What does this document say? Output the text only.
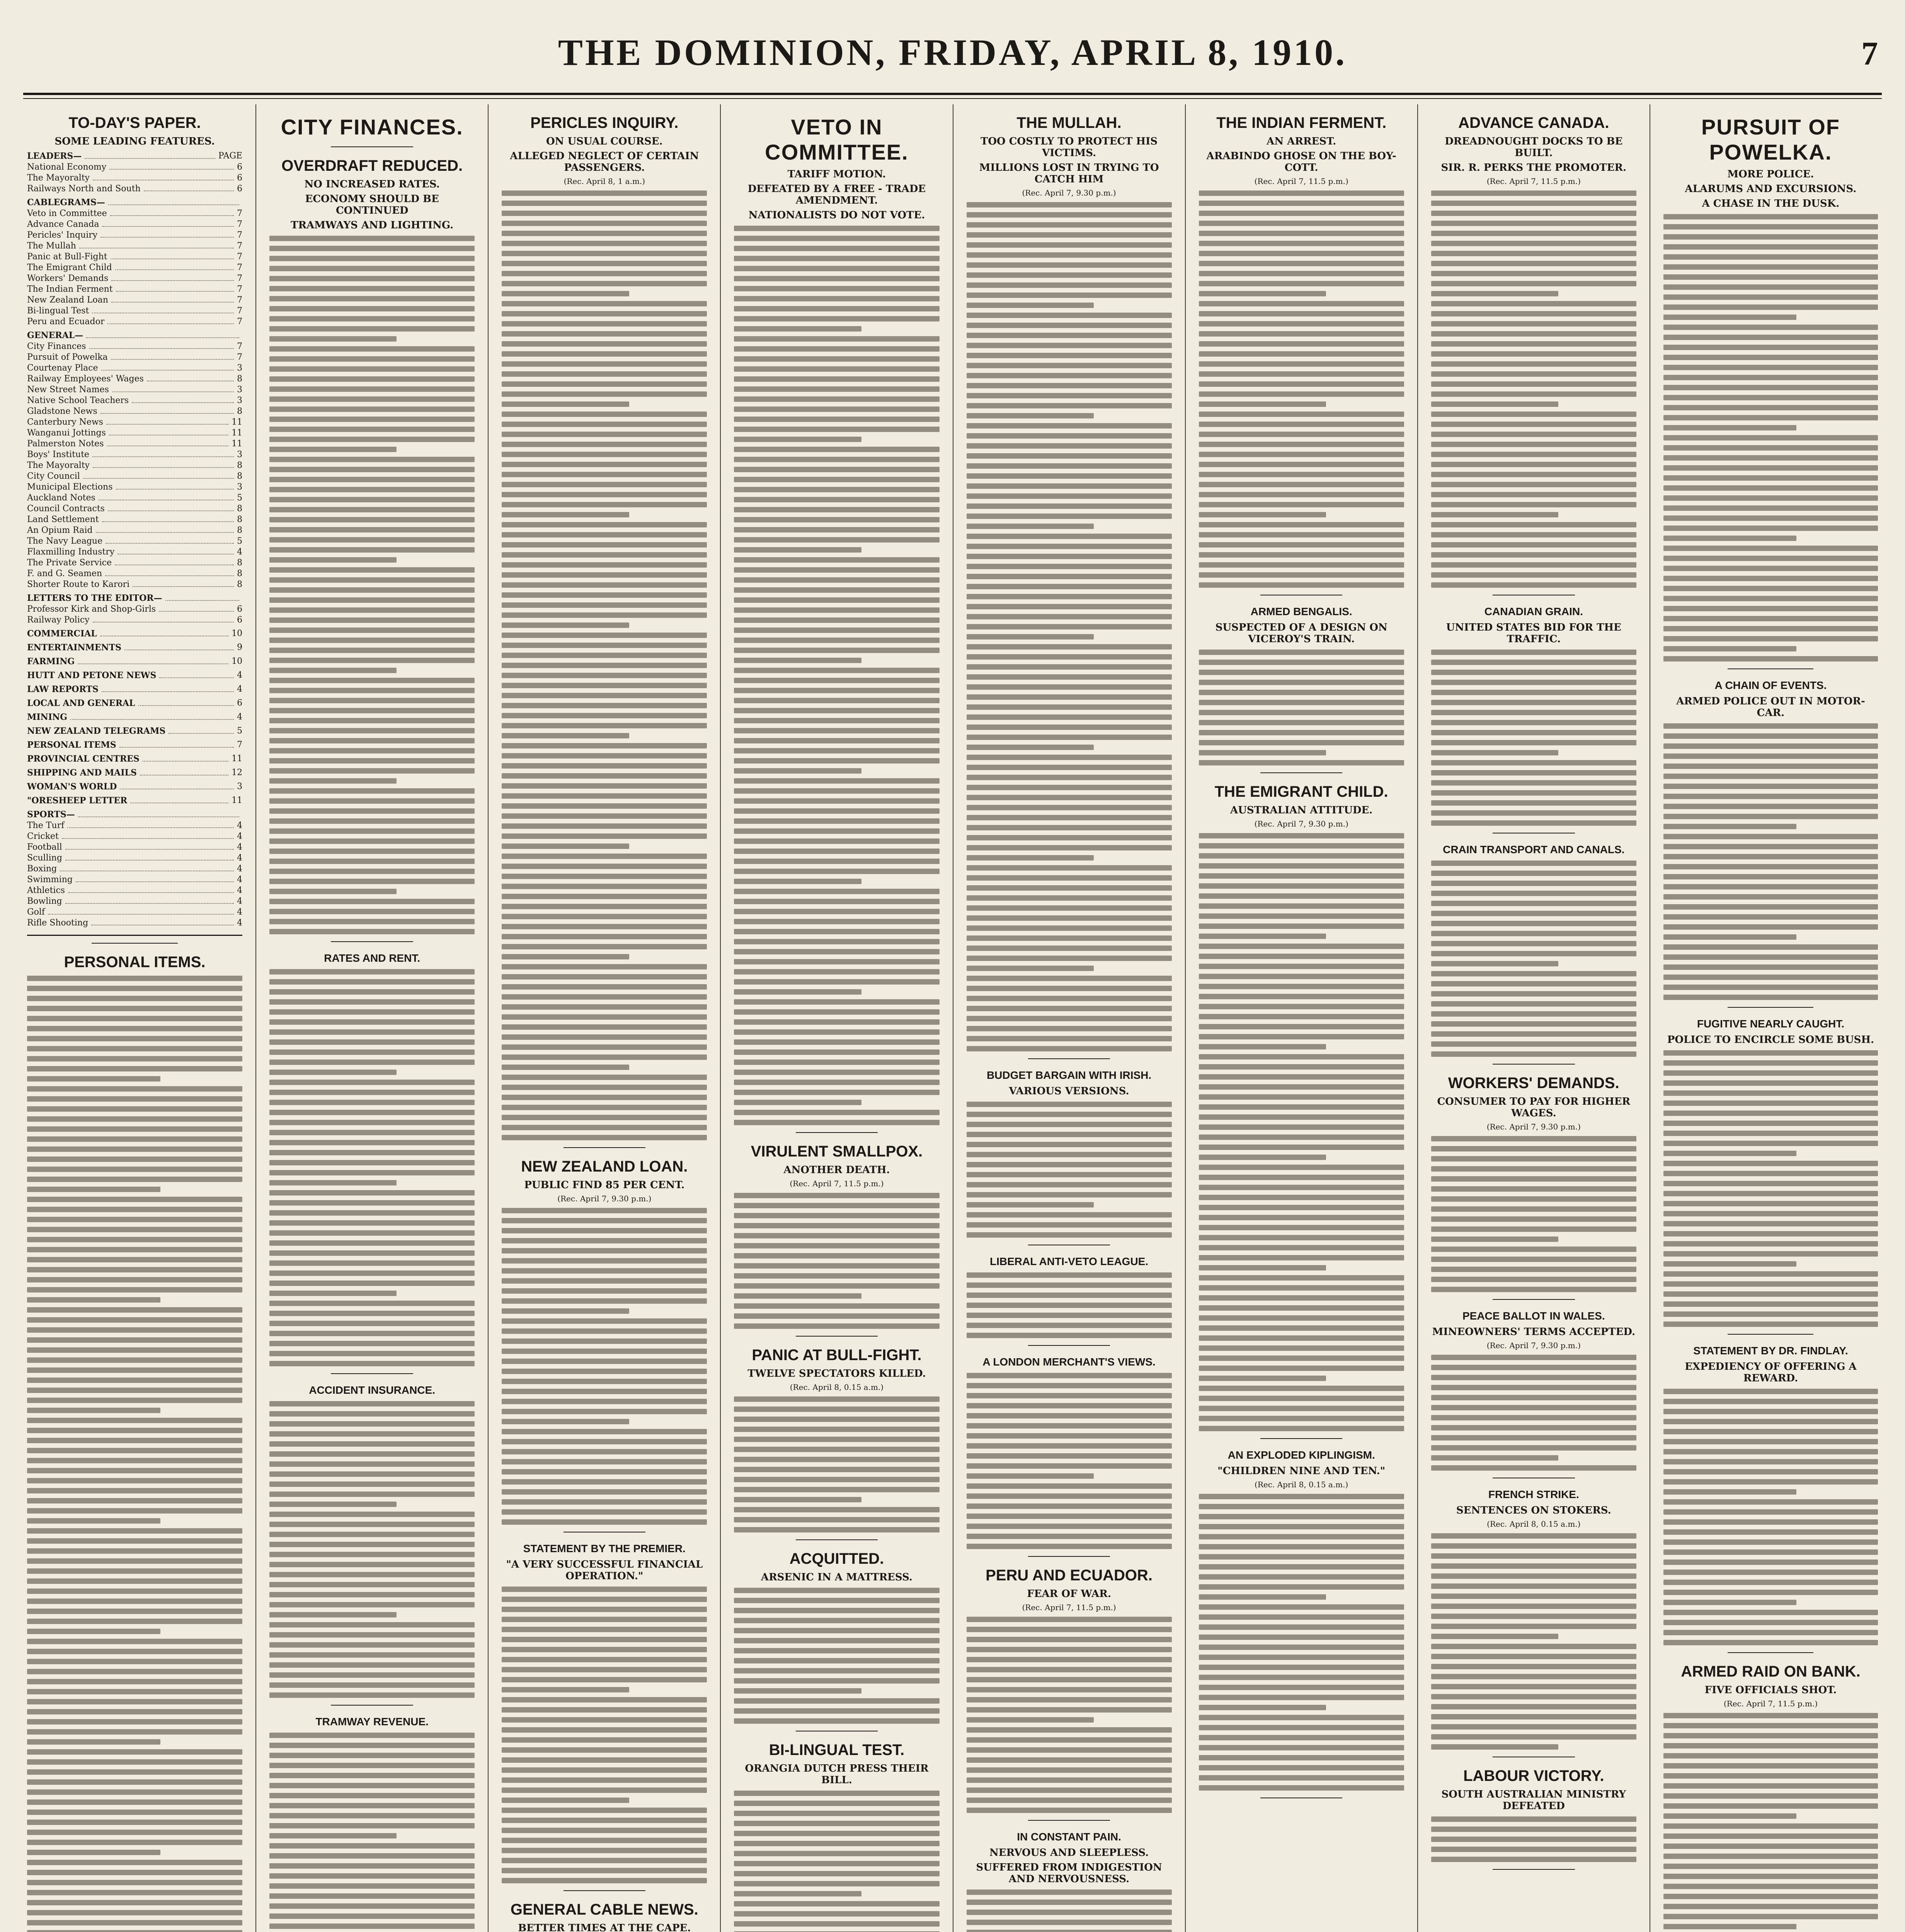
THE DOMINION, FRIDAY, APRIL 8, 1910.	7
TO-DAY'S PAPER.
SOME LEADING FEATURES.
LEADERS—	PAGE
National Economy	6
The Mayoralty	6
Railways North and South	6
CABLEGRAMS—
Veto in Committee	7
Advance Canada	7
Pericles' Inquiry	7
The Mullah	7
Panic at Bull-Fight	7
The Emigrant Child	7
Workers' Demands	7
The Indian Ferment	7
New Zealand Loan	7
Bi-lingual Test	7
Peru and Ecuador	7
GENERAL—
City Finances	7
Pursuit of Powelka	7
Courtenay Place	3
Railway Employees' Wages	8
New Street Names	3
Native School Teachers	3
Gladstone News	8
Canterbury News	11
Wanganui Jottings	11
Palmerston Notes	11
Boys' Institute	3
The Mayoralty	8
City Council	8
Municipal Elections	3
Auckland Notes	5
Council Contracts	8
Land Settlement	8
An Opium Raid	8
The Navy League	5
Flaxmilling Industry	4
The Private Service	8
F. and G. Seamen	8
Shorter Route to Karori	8
LETTERS TO THE EDITOR—
Professor Kirk and Shop-Girls	6
Railway Policy	6
COMMERCIAL	10
ENTERTAINMENTS	9
FARMING	10
HUTT AND PETONE NEWS	4
LAW REPORTS	4
LOCAL AND GENERAL	6
MINING	4
NEW ZEALAND TELEGRAMS	5
PERSONAL ITEMS	7
PROVINCIAL CENTRES	11
SHIPPING AND MAILS	12
WOMAN'S WORLD	3
"ORESHEEP LETTER	11
SPORTS—
The Turf	4
Cricket	4
Football	4
Sculling	4
Boxing	4
Swimming	4
Athletics	4
Bowling	4
Golf	4
Rifle Shooting	4
PERSONAL ITEMS.
CITY FINANCES.
OVERDRAFT REDUCED.
NO INCREASED RATES.
ECONOMY SHOULD BE CONTINUED
TRAMWAYS AND LIGHTING.
RATES AND RENT.
ACCIDENT INSURANCE.
TRAMWAY REVENUE.
PERICLES INQUIRY.
ON USUAL COURSE.
ALLEGED NEGLECT OF CERTAIN PASSENGERS.
(Rec. April 8, 1 a.m.)
NEW ZEALAND LOAN.
PUBLIC FIND 85 PER CENT.
(Rec. April 7, 9.30 p.m.)
STATEMENT BY THE PREMIER.
"A VERY SUCCESSFUL FINANCIAL OPERATION."
GENERAL CABLE NEWS.
BETTER TIMES AT THE CAPE.
VETO IN COMMITTEE.
TARIFF MOTION.
DEFEATED BY A FREE - TRADE AMENDMENT.
NATIONALISTS DO NOT VOTE.
VIRULENT SMALLPOX.
ANOTHER DEATH.
(Rec. April 7, 11.5 p.m.)
PANIC AT BULL-FIGHT.
TWELVE SPECTATORS KILLED.
(Rec. April 8, 0.15 a.m.)
ACQUITTED.
ARSENIC IN A MATTRESS.
BI-LINGUAL TEST.
ORANGIA DUTCH PRESS THEIR BILL.
THE MULLAH.
TOO COSTLY TO PROTECT HIS VICTIMS.
MILLIONS LOST IN TRYING TO CATCH HIM
(Rec. April 7, 9.30 p.m.)
BUDGET BARGAIN WITH IRISH.
VARIOUS VERSIONS.
LIBERAL ANTI-VETO LEAGUE.
A LONDON MERCHANT'S VIEWS.
PERU AND ECUADOR.
FEAR OF WAR.
(Rec. April 7, 11.5 p.m.)
IN CONSTANT PAIN.
NERVOUS AND SLEEPLESS.
SUFFERED FROM INDIGESTION AND NERVOUSNESS.
THE INDIAN FERMENT.
AN ARREST.
ARABINDO GHOSE ON THE BOY-COTT.
(Rec. April 7, 11.5 p.m.)
ARMED BENGALIS.
SUSPECTED OF A DESIGN ON VICEROY'S TRAIN.
THE EMIGRANT CHILD.
AUSTRALIAN ATTITUDE.
(Rec. April 7, 9.30 p.m.)
AN EXPLODED KIPLINGISM.
"CHILDREN NINE AND TEN."
(Rec. April 8, 0.15 a.m.)
ADVANCE CANADA.
DREADNOUGHT DOCKS TO BE BUILT.
SIR. R. PERKS THE PROMOTER.
(Rec. April 7, 11.5 p.m.)
CANADIAN GRAIN.
UNITED STATES BID FOR THE TRAFFIC.
CRAIN TRANSPORT AND CANALS.
WORKERS' DEMANDS.
CONSUMER TO PAY FOR HIGHER WAGES.
(Rec. April 7, 9.30 p.m.)
PEACE BALLOT IN WALES.
MINEOWNERS' TERMS ACCEPTED.
(Rec. April 7, 9.30 p.m.)
FRENCH STRIKE.
SENTENCES ON STOKERS.
(Rec. April 8, 0.15 a.m.)
LABOUR VICTORY.
SOUTH AUSTRALIAN MINISTRY DEFEATED
PURSUIT OF POWELKA.
MORE POLICE.
ALARUMS AND EXCURSIONS.
A CHASE IN THE DUSK.
A CHAIN OF EVENTS.
ARMED POLICE OUT IN MOTOR-CAR.
FUGITIVE NEARLY CAUGHT.
POLICE TO ENCIRCLE SOME BUSH.
STATEMENT BY DR. FINDLAY.
EXPEDIENCY OF OFFERING A REWARD.
ARMED RAID ON BANK.
FIVE OFFICIALS SHOT.
(Rec. April 7, 11.5 p.m.)
